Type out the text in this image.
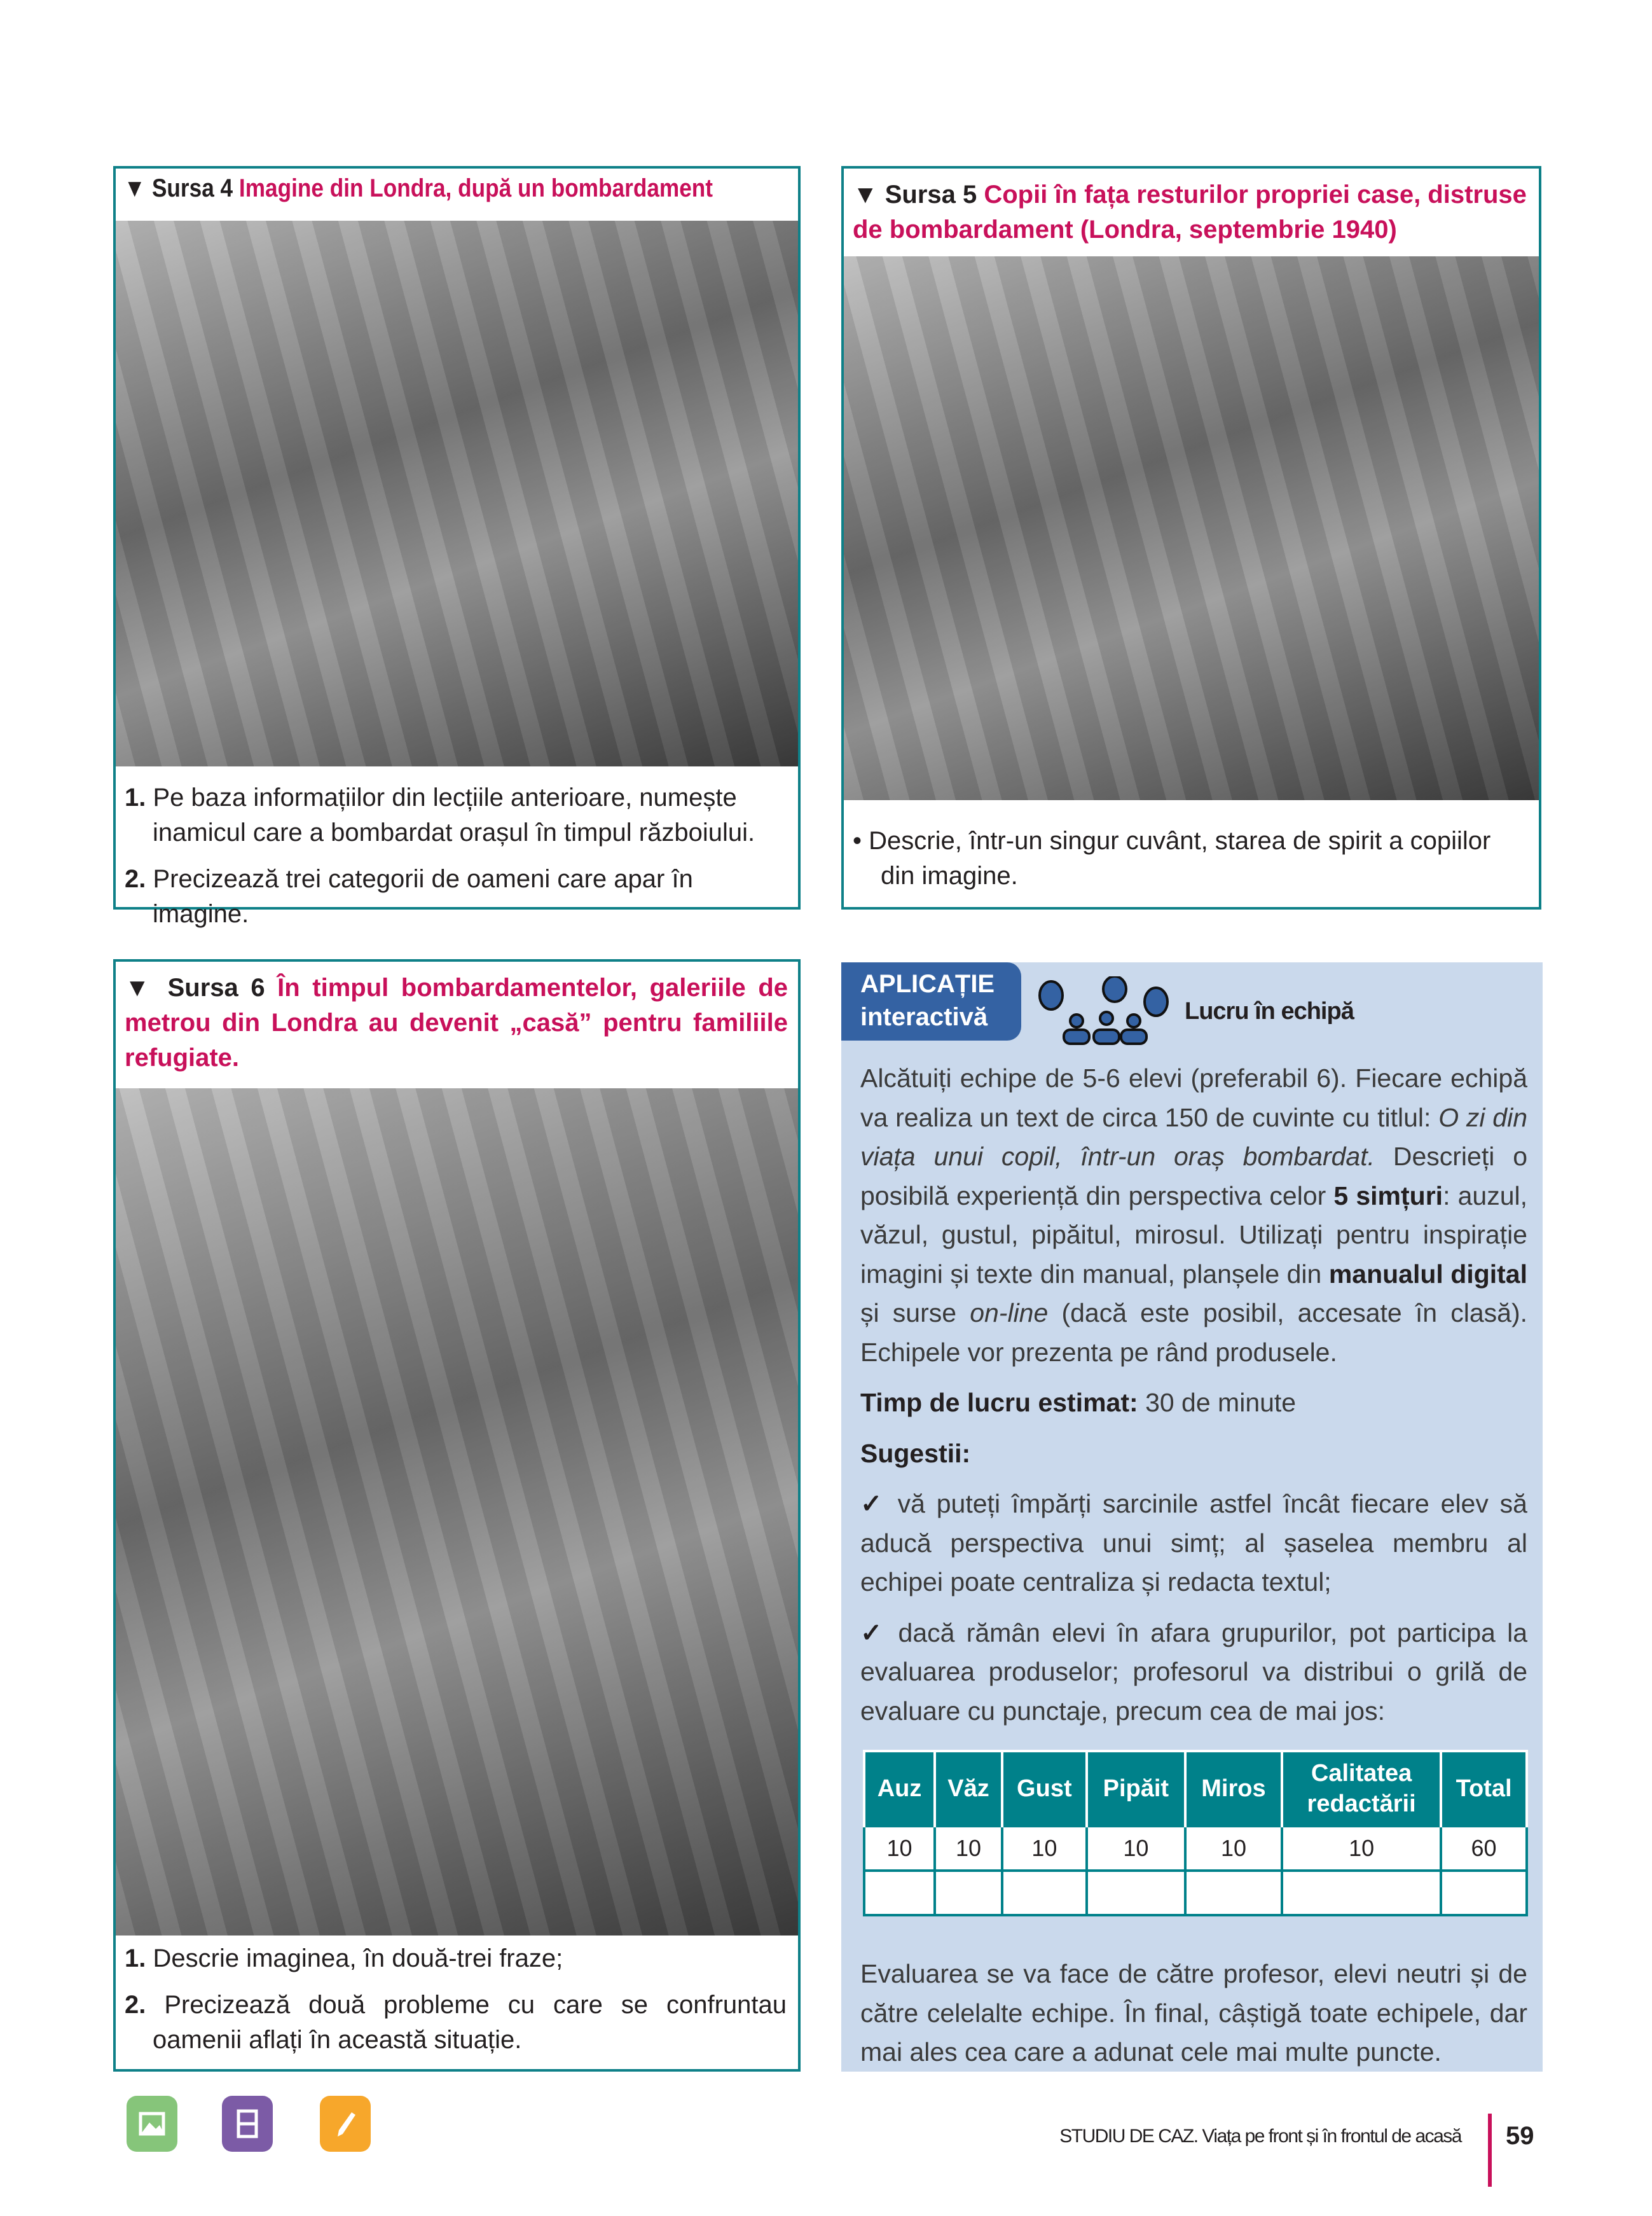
▼ Sursa 4 Imagine din Londra, după un bombardament

1. Pe baza informațiilor din lecțiile anterioare, numește inamicul care a bombardat orașul în timpul războiului.

2. Precizează trei categorii de oameni care apar în imagine.

▼ Sursa 5 Copii în fața resturilor propriei case, distruse de bombardament (Londra, septembrie 1940)

• Descrie, într-un singur cuvânt, starea de spirit a copiilor din imagine.

▼ Sursa 6 În timpul bombardamentelor, galeriile de metrou din Londra au devenit „casă” pentru familiile refugiate.

1. Descrie imaginea, în două-trei fraze;

2. Precizează două probleme cu care se confruntau oamenii aflați în această situație.

APLICAȚIE
interactivă	Lucru în echipă

Alcătuiți echipe de 5-6 elevi (preferabil 6). Fiecare echipă va realiza un text de circa 150 de cuvinte cu titlul: O zi din viața unui copil, într-un oraș bombardat. Descrieți o posibilă experiență din perspectiva celor 5 simțuri: auzul, văzul, gustul, pipăitul, mirosul. Utilizați pentru inspirație imagini și texte din manual, planșele din manualul digital și surse on-line (dacă este posibil, accesate în clasă). Echipele vor prezenta pe rând produsele.

Timp de lucru estimat: 30 de minute

Sugestii:

✓ vă puteți împărți sarcinile astfel încât fiecare elev să aducă perspectiva unui simț; al șaselea membru al echipei poate centraliza și redacta textul;

✓ dacă rămân elevi în afara grupurilor, pot participa la evaluarea produselor; profesorul va distribui o grilă de evaluare cu punctaje, precum cea de mai jos:

Auz	Văz	Gust	Pipăit	Miros	Calitatea redactării	Total
10	10	10	10	10	10	60

Evaluarea se va face de către profesor, elevi neutri și de către celelalte echipe. În final, câștigă toate echipele, dar mai ales cea care a adunat cele mai multe puncte.

STUDIU DE CAZ. Viața pe front și în frontul de acasă 59
